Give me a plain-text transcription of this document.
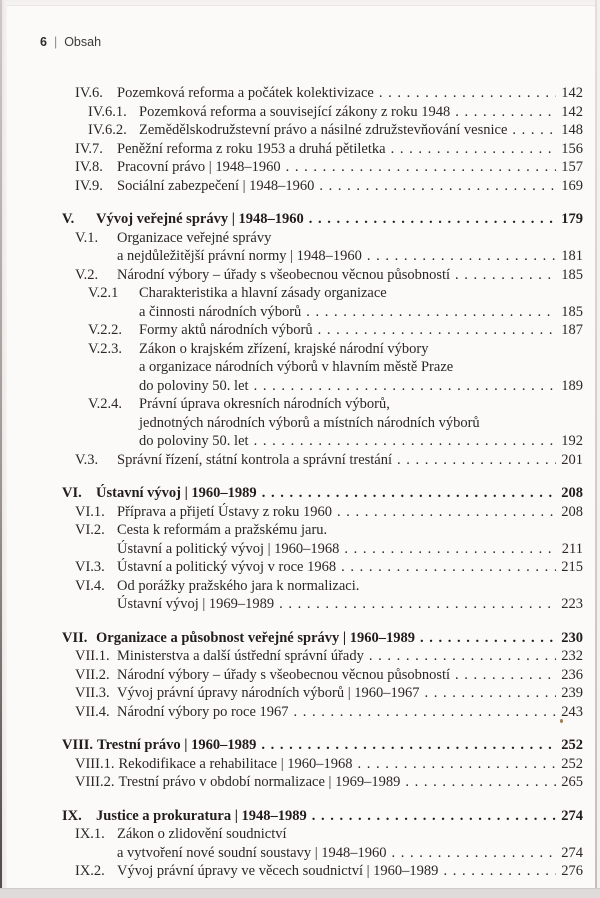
6 | Obsah
IV.6. Pozemková reforma a počátek kolektivizace . . .	142
IV.6.1. Pozemková reforma a související zákony z roku 1948 . . .	142
IV.6.2. Zemědělskodružstevní právo a násilné združstevňování vesnice . . .	148
IV.7. Peněžní reforma z roku 1953 a druhá pětiletka . . .	156
IV.8. Pracovní právo | 1948–1960 . . .	157
IV.9. Sociální zabezpečení | 1948–1960 . . .	169
V.	Vývoj veřejné správy | 1948–1960 . . .	179
V.1.	Organizace veřejné správy
a nejdůležitější právní normy | 1948–1960 . . .	181
V.2.	Národní výbory – úřady s všeobecnou věcnou působností . . .	185
V.2.1	Charakteristika a hlavní zásady organizace
a činnosti národních výborů . . .	185
V.2.2.	Formy aktů národních výborů . . .	187
V.2.3.	Zákon o krajském zřízení, krajské národní výbory
a organizace národních výborů v hlavním městě Praze
do poloviny 50. let . . .	189
V.2.4.	Právní úprava okresních národních výborů,
jednotných národních výborů a místních národních výborů
do poloviny 50. let . . .	192
V.3.	Správní řízení, státní kontrola a správní trestání . . .	201
VI. Ústavní vývoj | 1960–1989 . . .	208
VI.1. Příprava a přijetí Ústavy z roku 1960 . . .	208
VI.2. Cesta k reformám a pražskému jaru.
Ústavní a politický vývoj | 1960–1968 . . .	211
VI.3. Ústavní a politický vývoj v roce 1968 . . .	215
VI.4. Od porážky pražského jara k normalizaci.
Ústavní vývoj | 1969–1989 . . .	223
VII. Organizace a působnost veřejné správy | 1960–1989 . . .	230
VII.1. Ministerstva a další ústřední správní úřady . . .	232
VII.2. Národní výbory – úřady s všeobecnou věcnou působností . . .	236
VII.3. Vývoj právní úpravy národních výborů | 1960–1967 . . .	239
VII.4. Národní výbory po roce 1967 . . .	243
VIII. Trestní právo | 1960–1989 . . .	252
VIII.1. Rekodifikace a rehabilitace | 1960–1968 . . .	252
VIII.2. Trestní právo v období normalizace | 1969–1989 . . .	265
IX. Justice a prokuratura | 1948–1989 . . .	274
IX.1. Zákon o zlidovění soudnictví
a vytvoření nové soudní soustavy | 1948–1960 . . .	274
IX.2. Vývoj právní úpravy ve věcech soudnictví | 1960–1989 . . .	276
